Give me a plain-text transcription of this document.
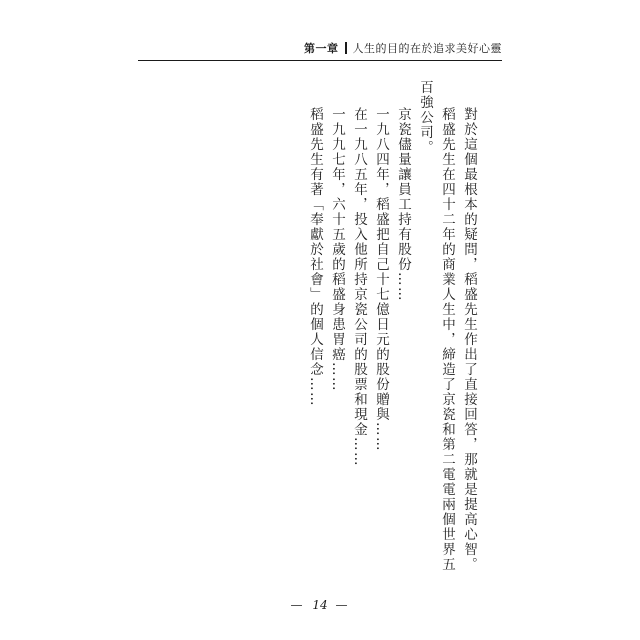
第一章 人生的目的在於追求美好心靈

對於這個最根本的疑問，稻盛先生作出了直接回答，那就是提高心智。

稻盛先生在四十二年的商業人生中，締造了京瓷和第二電電兩個世界五百強公司。

京瓷儘量讓員工持有股份……

一九八四年，稻盛把自己十七億日元的股份贈與……

在一九八五年，投入他所持京瓷公司的股票和現金……

一九九七年，六十五歲的稻盛身患胃癌……

稻盛先生有著「奉獻於社會」的個人信念……

— 14 —
